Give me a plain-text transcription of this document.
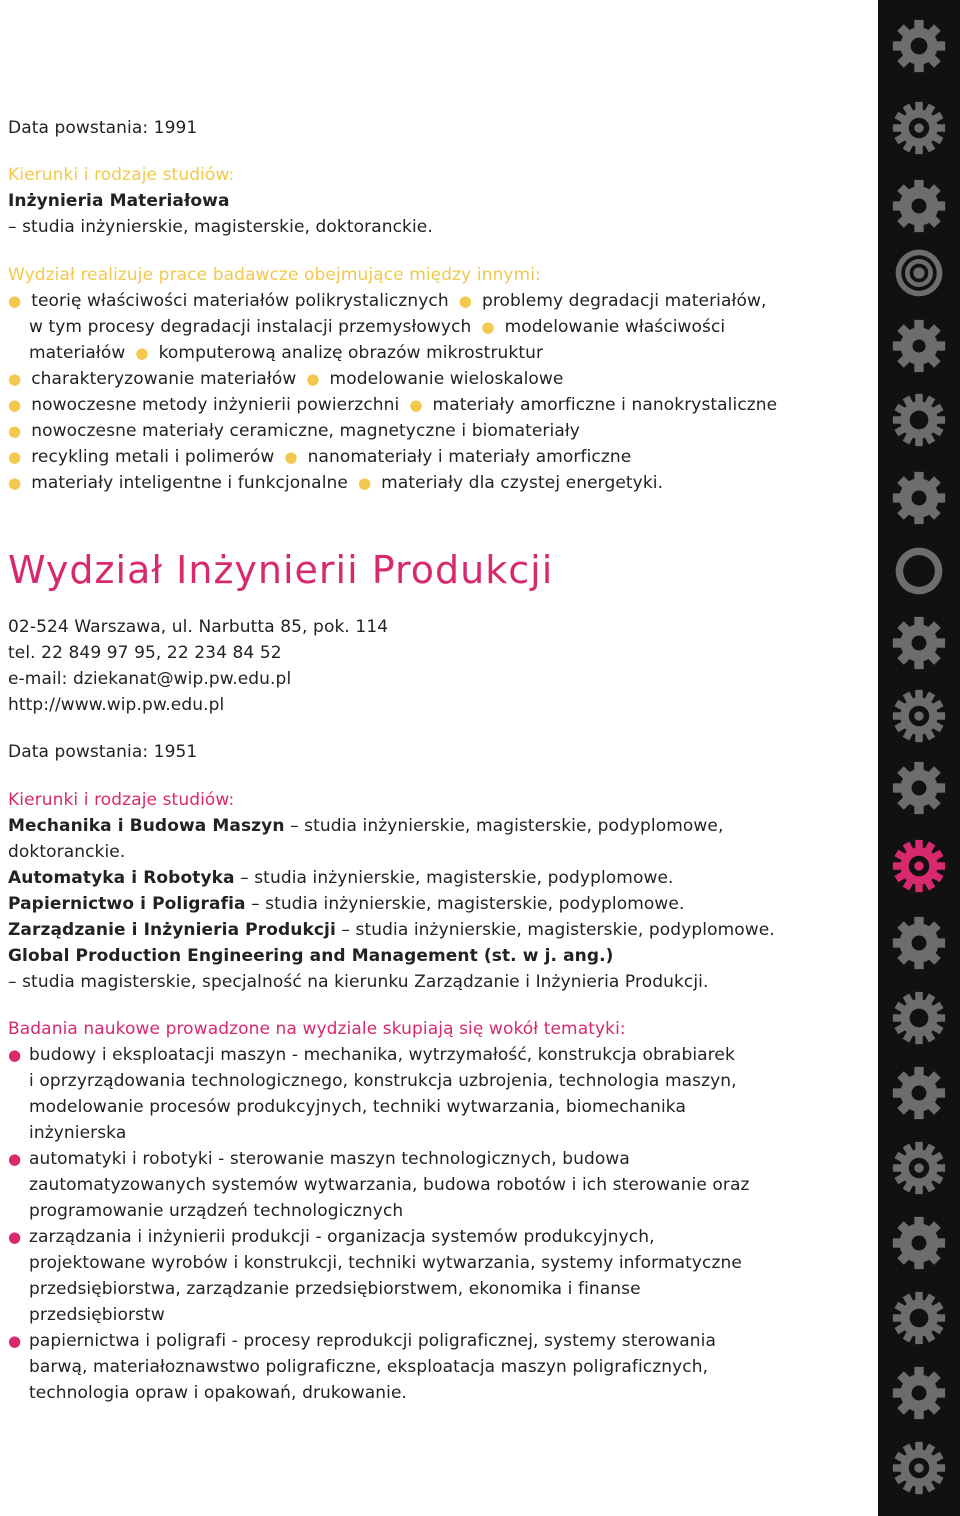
Data powstania: 1991
Kierunki i rodzaje studiów:
Inżynieria Materiałowa
– studia inżynierskie, magisterskie, doktoranckie.
Wydział realizuje prace badawcze obejmujące między innymi:
● teorię właściwości materiałów polikrystalicznych ● problemy degradacji materiałów,
w tym procesy degradacji instalacji przemysłowych ● modelowanie właściwości
materiałów ● komputerową analizę obrazów mikrostruktur
● charakteryzowanie materiałów ● modelowanie wieloskalowe
● nowoczesne metody inżynierii powierzchni ● materiały amorficzne i nanokrystaliczne
● nowoczesne materiały ceramiczne, magnetyczne i biomateriały
● recykling metali i polimerów ● nanomateriały i materiały amorficzne
● materiały inteligentne i funkcjonalne ● materiały dla czystej energetyki.
Wydział Inżynierii Produkcji
02-524 Warszawa, ul. Narbutta 85, pok. 114
tel. 22 849 97 95, 22 234 84 52
e-mail: dziekanat@wip.pw.edu.pl
http://www.wip.pw.edu.pl
Data powstania: 1951
Kierunki i rodzaje studiów:
Mechanika i Budowa Maszyn – studia inżynierskie, magisterskie, podyplomowe,
doktoranckie.
Automatyka i Robotyka – studia inżynierskie, magisterskie, podyplomowe.
Papiernictwo i Poligrafia – studia inżynierskie, magisterskie, podyplomowe.
Zarządzanie i Inżynieria Produkcji – studia inżynierskie, magisterskie, podyplomowe.
Global Production Engineering and Management (st. w j. ang.)
– studia magisterskie, specjalność na kierunku Zarządzanie i Inżynieria Produkcji.
Badania naukowe prowadzone na wydziale skupiają się wokół tematyki:
● budowy i eksploatacji maszyn - mechanika, wytrzymałość, konstrukcja obrabiarek
i oprzyrządowania technologicznego, konstrukcja uzbrojenia, technologia maszyn,
modelowanie procesów produkcyjnych, techniki wytwarzania, biomechanika
inżynierska
● automatyki i robotyki - sterowanie maszyn technologicznych, budowa
zautomatyzowanych systemów wytwarzania, budowa robotów i ich sterowanie oraz
programowanie urządzeń technologicznych
● zarządzania i inżynierii produkcji - organizacja systemów produkcyjnych,
projektowane wyrobów i konstrukcji, techniki wytwarzania, systemy informatyczne
przedsiębiorstwa, zarządzanie przedsiębiorstwem, ekonomika i finanse
przedsiębiorstw
● papiernictwa i poligrafi - procesy reprodukcji poligraficznej, systemy sterowania
barwą, materiałoznawstwo poligraficzne, eksploatacja maszyn poligraficznych,
technologia opraw i opakowań, drukowanie.
